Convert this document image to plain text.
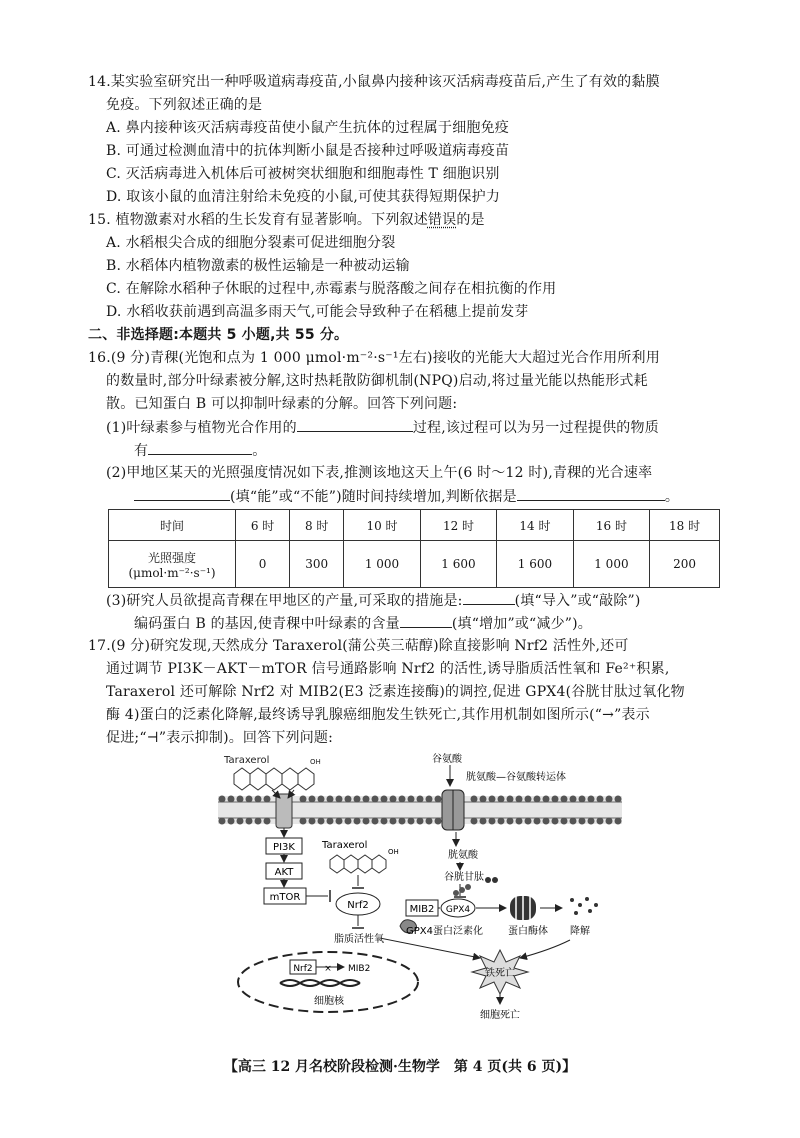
14.某实验室研究出一种呼吸道病毒疫苗,小鼠鼻内接种该灭活病毒疫苗后,产生了有效的黏膜
免疫。下列叙述正确的是
A. 鼻内接种该灭活病毒疫苗使小鼠产生抗体的过程属于细胞免疫
B. 可通过检测血清中的抗体判断小鼠是否接种过呼吸道病毒疫苗
C. 灭活病毒进入机体后可被树突状细胞和细胞毒性 T 细胞识别
D. 取该小鼠的血清注射给未免疫的小鼠,可使其获得短期保护力
15. 植物激素对水稻的生长发育有显著影响。下列叙述错误的是
A. 水稻根尖合成的细胞分裂素可促进细胞分裂
B. 水稻体内植物激素的极性运输是一种被动运输
C. 在解除水稻种子休眠的过程中,赤霉素与脱落酸之间存在相抗衡的作用
D. 水稻收获前遇到高温多雨天气,可能会导致种子在稻穗上提前发芽
二、非选择题:本题共 5 小题,共 55 分。
16.(9 分)青稞(光饱和点为 1 000 μmol·m⁻²·s⁻¹左右)接收的光能大大超过光合作用所利用
的数量时,部分叶绿素被分解,这时热耗散防御机制(NPQ)启动,将过量光能以热能形式耗
散。已知蛋白 B 可以抑制叶绿素的分解。回答下列问题:
(1)叶绿素参与植物光合作用的	过程,该过程可以为另一过程提供的物质
有	。
(2)甲地区某天的光照强度情况如下表,推测该地这天上午(6 时～12 时),青稞的光合速率
(填“能”或“不能”)随时间持续增加,判断依据是	。
时间	6 时	8 时	10 时	12 时	14 时	16 时	18 时

光照强度
(μmol·m⁻²·s⁻¹)	0	300	1 000	1 600	1 600	1 000	200
(3)研究人员欲提高青稞在甲地区的产量,可采取的措施是:	(填“导入”或“敲除”)
编码蛋白 B 的基因,使青稞中叶绿素的含量	(填“增加”或“减少”)。
17.(9 分)研究发现,天然成分 Taraxerol(蒲公英三萜醇)除直接影响 Nrf2 活性外,还可
通过调节 PI3K－AKT－mTOR 信号通路影响 Nrf2 的活性,诱导脂质活性氧和 Fe²⁺积累,
Taraxerol 还可解除 Nrf2 对 MIB2(E3 泛素连接酶)的调控,促进 GPX4(谷胱甘肽过氧化物
酶 4)蛋白的泛素化降解,最终诱导乳腺癌细胞发生铁死亡,其作用机制如图所示(“→”表示
促进;“⊣”表示抑制)。回答下列问题:
Taraxerol	OH
PI3K
AKT
mTOR
Taraxerol
OH
Nrf2
脂质活性氧
谷氨酸
胱氨酸—谷氨酸转运体
胱氨酸
谷胱甘肽
MIB2 GPX4
GPX4蛋白泛素化	蛋白酶体 降解
Nrf2 × MIB2
细胞核
铁死亡
细胞死亡
【高三 12 月名校阶段检测·生物学　第 4 页(共 6 页)】
